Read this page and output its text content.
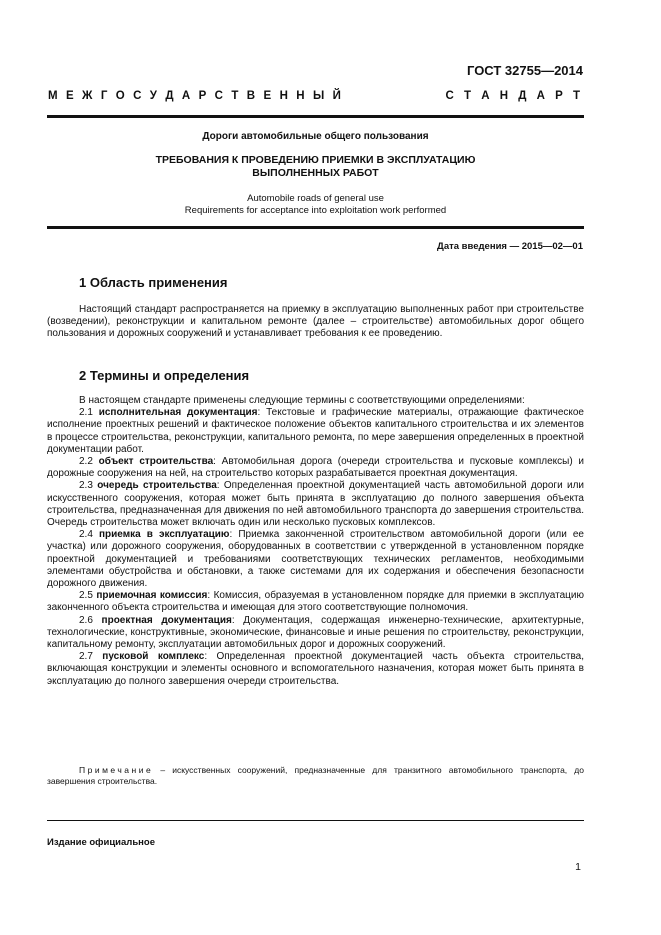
ГОСТ 32755—2014
М Е Ж Г О С У Д А Р С Т В Е Н Н Ы Й	С Т А Н Д А Р Т
Дороги автомобильные общего пользования
ТРЕБОВАНИЯ К ПРОВЕДЕНИЮ ПРИЕМКИ В ЭКСПЛУАТАЦИЮ
ВЫПОЛНЕННЫХ РАБОТ
Automobile roads of general use
Requirements for acceptance into exploitation work performed
Дата введения — 2015—02—01
1 Область применения

Настоящий стандарт распространяется на приемку в эксплуатацию выполненных работ при строительстве (возведении), реконструкции и капитальном ремонте (далее – строительстве) автомобильных дорог общего пользования и дорожных сооружений и устанавливает требования к ее проведению.

2 Термины и определения

В настоящем стандарте применены следующие термины с соответствующими определениями:

2.1 исполнительная документация: Текстовые и графические материалы, отражающие фактическое исполнение проектных решений и фактическое положение объектов капитального строительства и их элементов в процессе строительства, реконструкции, капитального ремонта, по мере завершения определенных в проектной документации работ.

2.2 объект строительства: Автомобильная дорога (очереди строительства и пусковые комплексы) и дорожные сооружения на ней, на строительство которых разрабатывается проектная документация.

2.3 очередь строительства: Определенная проектной документацией часть автомобильной дороги или искусственного сооружения, которая может быть принята в эксплуатацию до полного завершения объекта строительства, предназначенная для движения по ней автомобильного транспорта до завершения строительства. Очередь строительства может включать один или несколько пусковых комплексов.

2.4 приемка в эксплуатацию: Приемка законченной строительством автомобильной дороги (или ее участка) или дорожного сооружения, оборудованных в соответствии с утвержденной в установленном порядке проектной документацией и требованиями соответствующих технических регламентов, необходимыми элементами обустройства и обстановки, а также системами для их содержания и обеспечения безопасности дорожного движения.

2.5 приемочная комиссия: Комиссия, образуемая в установленном порядке для приемки в эксплуатацию законченного объекта строительства и имеющая для этого соответствующие полномочия.

2.6 проектная документация: Документация, содержащая инженерно-технические, архитектурные, технологические, конструктивные, экономические, финансовые и иные решения по строительству, реконструкции, капитальному ремонту, эксплуатации автомобильных дорог и дорожных сооружений.

2.7 пусковой комплекс: Определенная проектной документацией часть объекта строительства, включающая конструкции и элементы основного и вспомогательного назначения, которая может быть принята в эксплуатацию до полного завершения очереди строительства.

Примечание – искусственных сооружений, предназначенные для транзитного автомобильного транспорта, до завершения строительства.
Издание официальное
1
